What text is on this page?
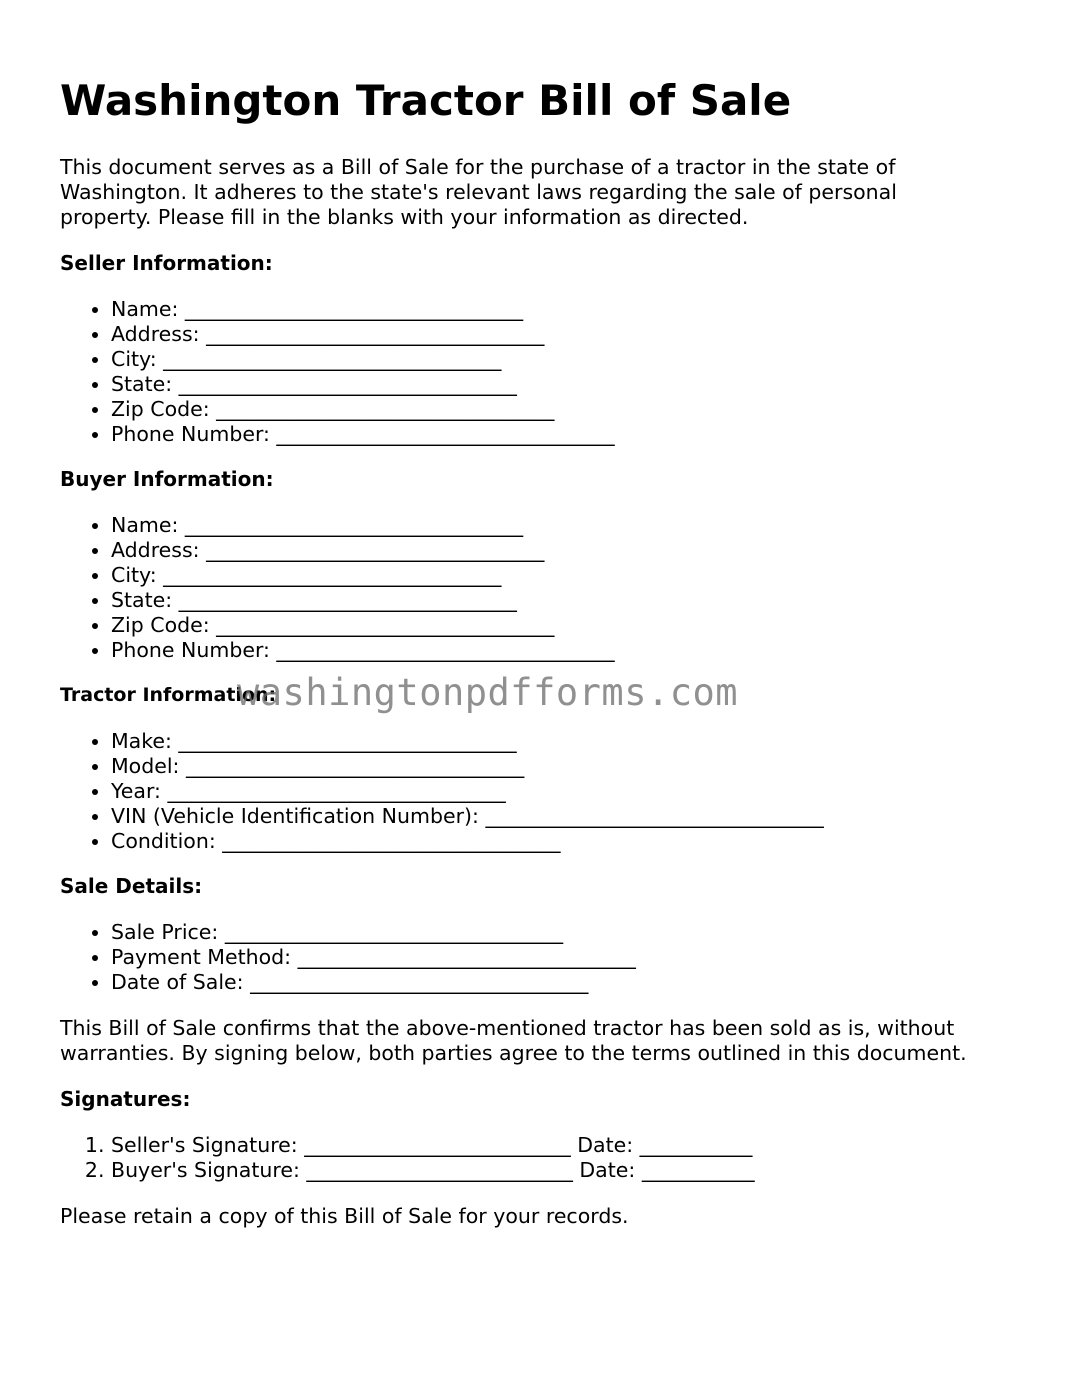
Washington Tractor Bill of Sale

This document serves as a Bill of Sale for the purchase of a tractor in the state of Washington. It adheres to the state's relevant laws regarding the sale of personal property. Please fill in the blanks with your information as directed.

Seller Information:
• Name: _________________________________
• Address: _________________________________
• City: _________________________________
• State: _________________________________
• Zip Code: _________________________________
• Phone Number: _________________________________
Buyer Information:
• Name: _________________________________
• Address: _________________________________
• City: _________________________________
• State: _________________________________
• Zip Code: _________________________________
• Phone Number: _________________________________
Tractor Information:
• Make: _________________________________
• Model: _________________________________
• Year: _________________________________
• VIN (Vehicle Identification Number): _________________________________
• Condition: _________________________________
Sale Details:
• Sale Price: _________________________________
• Payment Method: _________________________________
• Date of Sale: _________________________________

This Bill of Sale confirms that the above-mentioned tractor has been sold as is, without warranties. By signing below, both parties agree to the terms outlined in this document.

Signatures:
1. Seller's Signature: __________________________ Date: ___________
2. Buyer's Signature: __________________________ Date: ___________

Please retain a copy of this Bill of Sale for your records.

washingtonpdfforms.com
